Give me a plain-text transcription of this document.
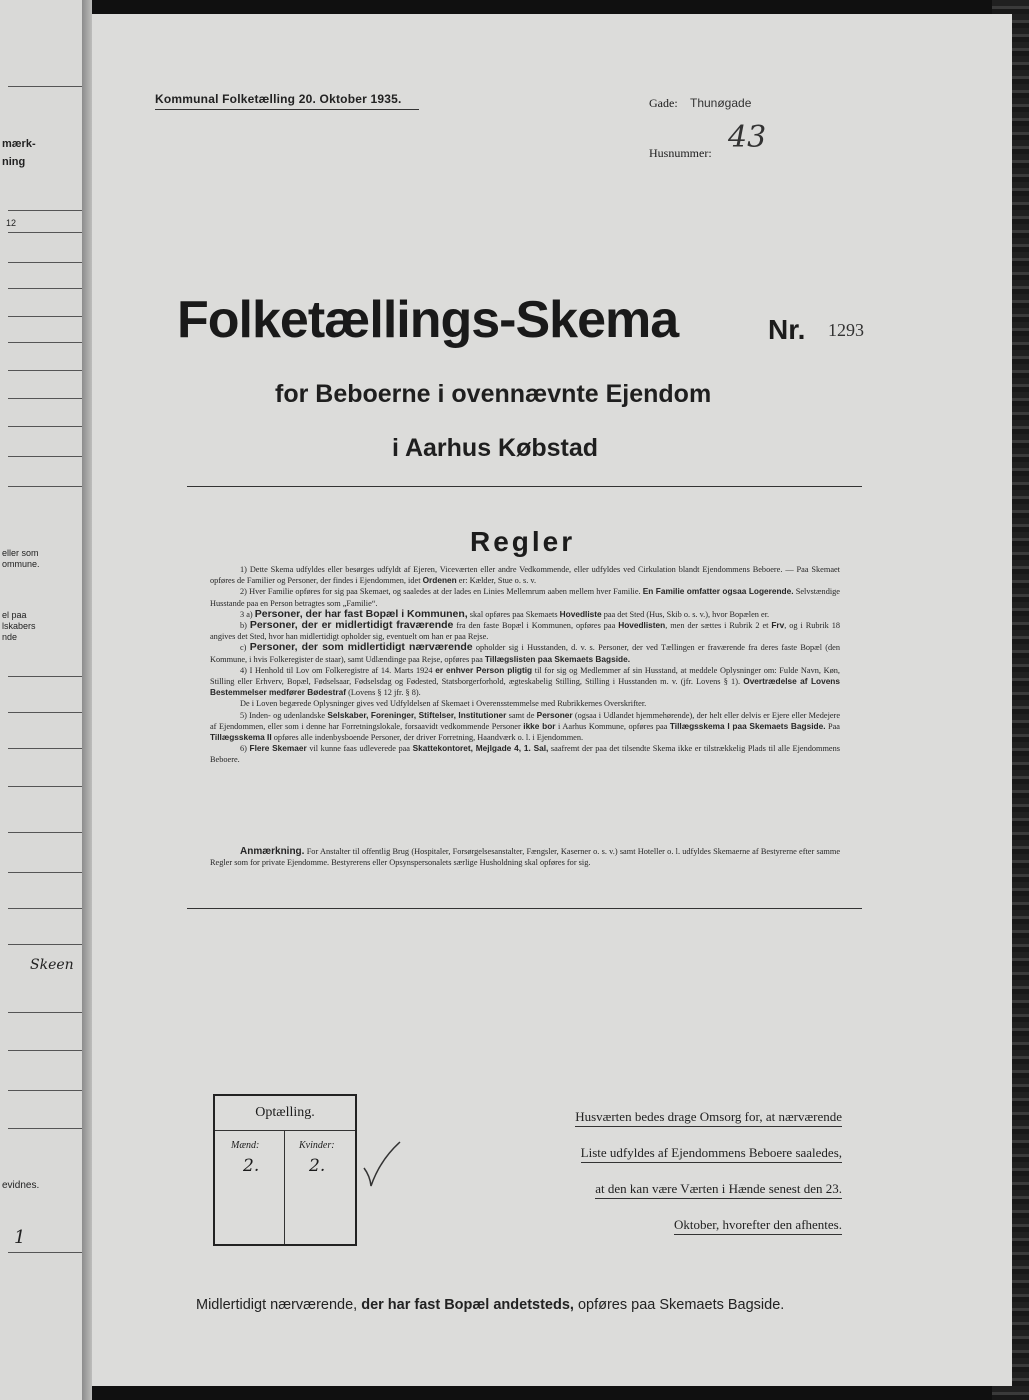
mærk-
ning
12
eller som
ommune.
el paa
lskabers
nde
Skeen
evidnes.
1
Kommunal Folketælling 20. Oktober 1935.	Gade: Thunøgade
Husnummer: 43
Folketællings-Skema	Nr. 1293
for Beboerne i ovennævnte Ejendom
i Aarhus Købstad
Regler

1) Dette Skema udfyldes eller besørges udfyldt af Ejeren, Viceværten eller andre Vedkommende, eller udfyldes ved Cirkulation blandt Ejendommens Beboere. — Paa Skemaet opføres de Familier og Personer, der findes i Ejendommen, idet Ordenen er: Kælder, Stue o. s. v.

2) Hver Familie opføres for sig paa Skemaet, og saaledes at der lades en Linies Mellemrum aaben mellem hver Familie. En Familie omfatter ogsaa Logerende. Selvstændige Husstande paa en Person betragtes som „Familie“.

3 a) Personer, der har fast Bopæl i Kommunen, skal opføres paa Skemaets Hovedliste paa det Sted (Hus, Skib o. s. v.), hvor Bopælen er.

b) Personer, der er midlertidigt fraværende fra den faste Bopæl i Kommunen, opføres paa Hovedlisten, men der sættes i Rubrik 2 et Frv, og i Rubrik 18 angives det Sted, hvor han midlertidigt opholder sig, eventuelt om han er paa Rejse.

c) Personer, der som midlertidigt nærværende opholder sig i Husstanden, d. v. s. Personer, der ved Tællingen er fraværende fra deres faste Bopæl (den Kommune, i hvis Folkeregister de staar), samt Udlændinge paa Rejse, opføres paa Tillægslisten paa Skemaets Bagside.

4) I Henhold til Lov om Folkeregistre af 14. Marts 1924 er enhver Person pligtig til for sig og Medlemmer af sin Husstand, at meddele Oplysninger om: Fulde Navn, Køn, Stilling eller Erhverv, Bopæl, Fødselsaar, Fødselsdag og Fødested, Statsborgerforhold, ægteskabelig Stilling, Stilling i Husstanden m. v. (jfr. Lovens § 1). Overtrædelse af Lovens Bestemmelser medfører Bødestraf (Lovens § 12 jfr. § 8).

De i Loven begærede Oplysninger gives ved Udfyldelsen af Skemaet i Overensstemmelse med Rubrikkernes Overskrifter.

5) Inden- og udenlandske Selskaber, Foreninger, Stiftelser, Institutioner samt de Personer (ogsaa i Udlandet hjemmehørende), der helt eller delvis er Ejere eller Medejere af Ejendommen, eller som i denne har Forretningslokale, forsaavidt vedkommende Personer ikke bor i Aarhus Kommune, opføres paa Tillægsskema I paa Skemaets Bagside. Paa Tillægsskema II opføres alle indenbysboende Personer, der driver Forretning, Haandværk o. l. i Ejendommen.

6) Flere Skemaer vil kunne faas udleverede paa Skattekontoret, Mejlgade 4, 1. Sal, saafremt der paa det tilsendte Skema ikke er tilstrækkelig Plads til alle Ejendommens Beboere.

Anmærkning. For Anstalter til offentlig Brug (Hospitaler, Forsørgelsesanstalter, Fængsler, Kaserner o. s. v.) samt Hoteller o. l. udfyldes Skemaerne af Bestyrerne efter samme Regler som for private Ejendomme. Bestyrerens eller Opsynspersonalets særlige Husholdning skal opføres for sig.
Husværten bedes drage Omsorg for, at nærværende
Liste udfyldes af Ejendommens Beboere saaledes,
at den kan være Værten i Hænde senest den 23.
Oktober, hvorefter den afhentes.
Midlertidigt nærværende, der har fast Bopæl andetsteds, opføres paa Skemaets Bagside.
Optælling.
Mænd:	Kvinder:
2.	2.
